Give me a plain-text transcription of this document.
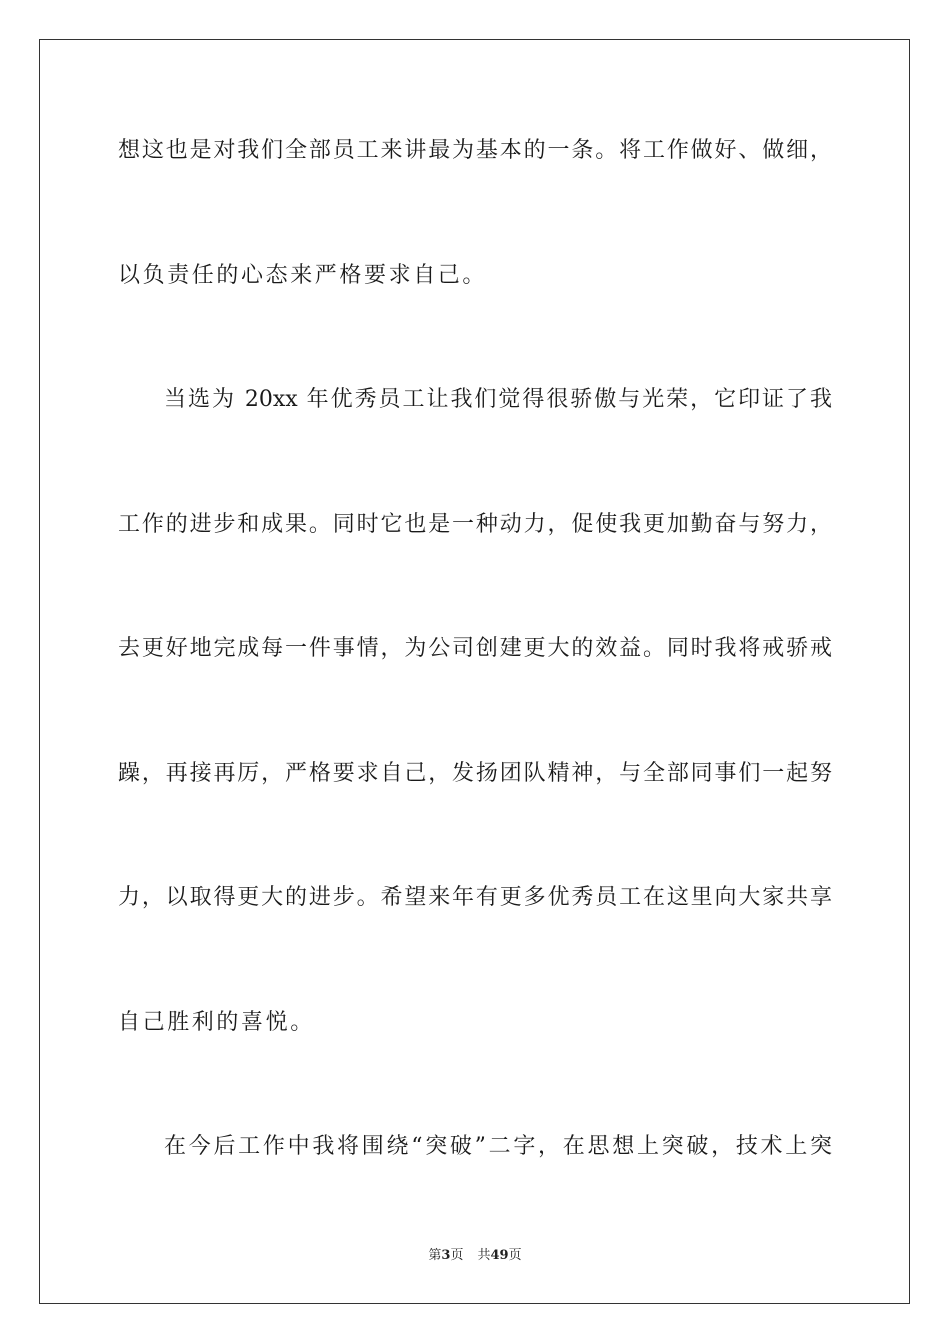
想这也是对我们全部员工来讲最为基本的一条。将工作做好、做细，
以负责任的心态来严格要求自己。
当选为 20xx 年优秀员工让我们觉得很骄傲与光荣，它印证了我
工作的进步和成果。同时它也是一种动力，促使我更加勤奋与努力，
去更好地完成每一件事情，为公司创建更大的效益。同时我将戒骄戒
躁，再接再厉，严格要求自己，发扬团队精神，与全部同事们一起努
力，以取得更大的进步。希望来年有更多优秀员工在这里向大家共享
自己胜利的喜悦。
在今后工作中我将围绕“突破”二字，在思想上突破，技术上突
第3页 共49页
